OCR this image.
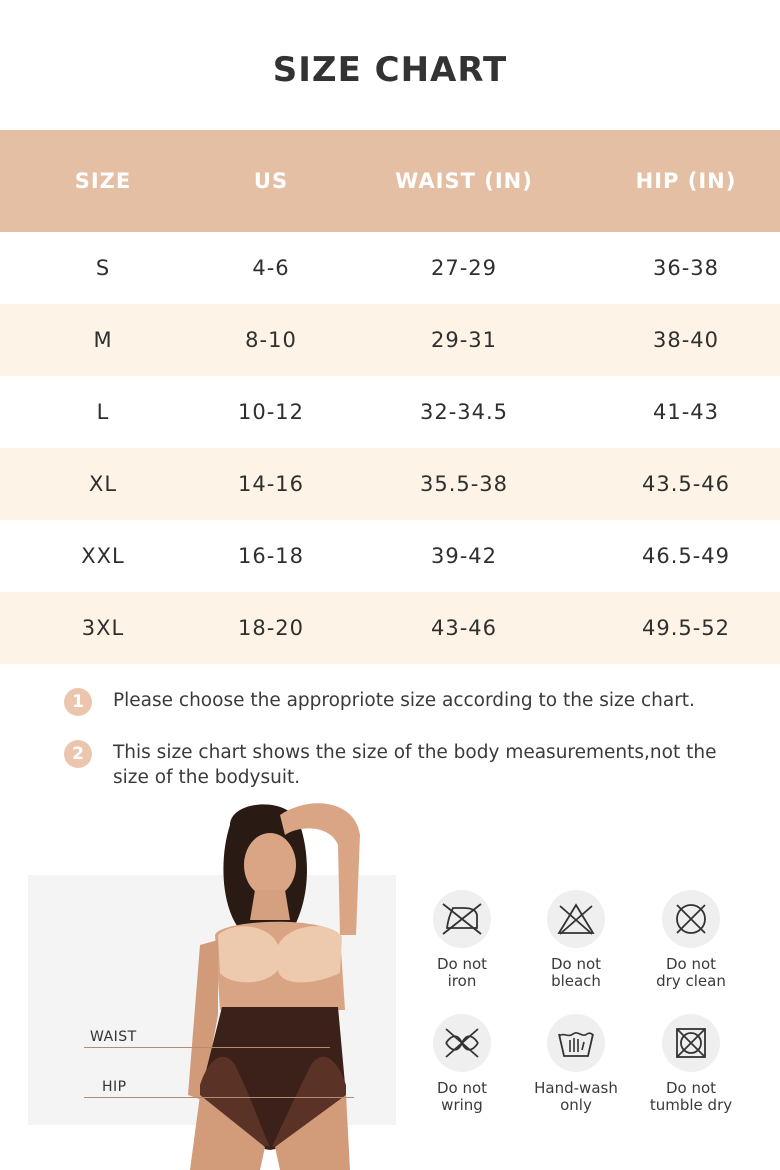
SIZE CHART
SIZE	US	WAIST (IN)	HIP (IN)
S	4-6	27-29	36-38
M	8-10	29-31	38-40
L	10-12	32-34.5	41-43
XL	14-16	35.5-38	43.5-46
XXL	16-18	39-42	46.5-49
3XL	18-20	43-46	49.5-52
1	Please choose the appropriote size according to the size chart.
2	This size chart shows the size of the body measurements,not the size of the bodysuit.
WAIST
HIP
Do not
iron
Do not
bleach
Do not
dry clean
Do not
wring
Hand-wash
only
Do not
tumble dry
